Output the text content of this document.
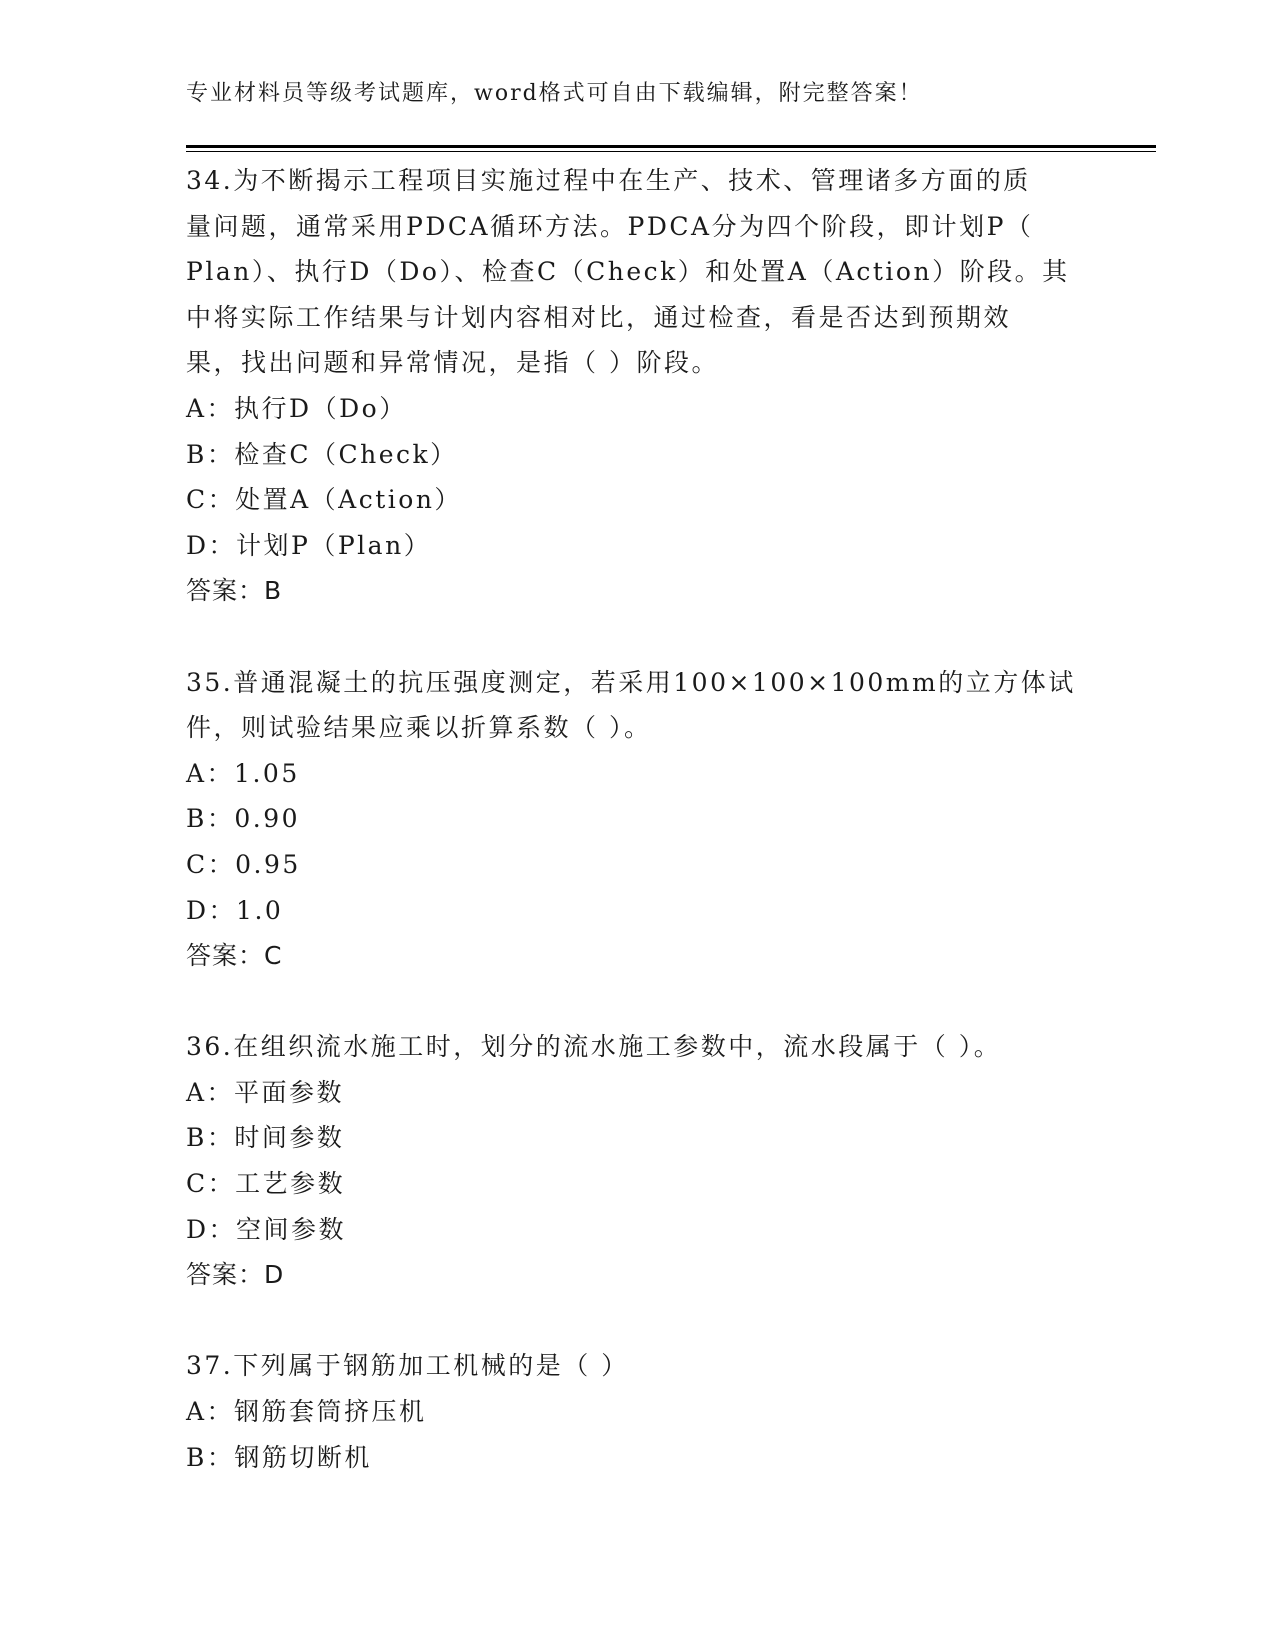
专业材料员等级考试题库，word格式可自由下载编辑，附完整答案！
34.为不断揭示工程项目实施过程中在生产、技术、管理诸多方面的质
量问题，通常采用PDCA循环方法。PDCA分为四个阶段，即计划P（
Plan）、执行D（Do）、检查C（Check）和处置A（Action）阶段。其
中将实际工作结果与计划内容相对比，通过检查，看是否达到预期效
果，找出问题和异常情况，是指（ ）阶段。
A：执行D（Do）
B：检查C（Check）
C：处置A（Action）
D：计划P（Plan）
答案：B
35.普通混凝土的抗压强度测定，若采用100×100×100mm的立方体试
件，则试验结果应乘以折算系数（ ）。
A：1.05
B：0.90
C：0.95
D：1.0
答案：C
36.在组织流水施工时，划分的流水施工参数中，流水段属于（ ）。
A：平面参数
B：时间参数
C：工艺参数
D：空间参数
答案：D
37.下列属于钢筋加工机械的是（ ）
A：钢筋套筒挤压机
B：钢筋切断机
